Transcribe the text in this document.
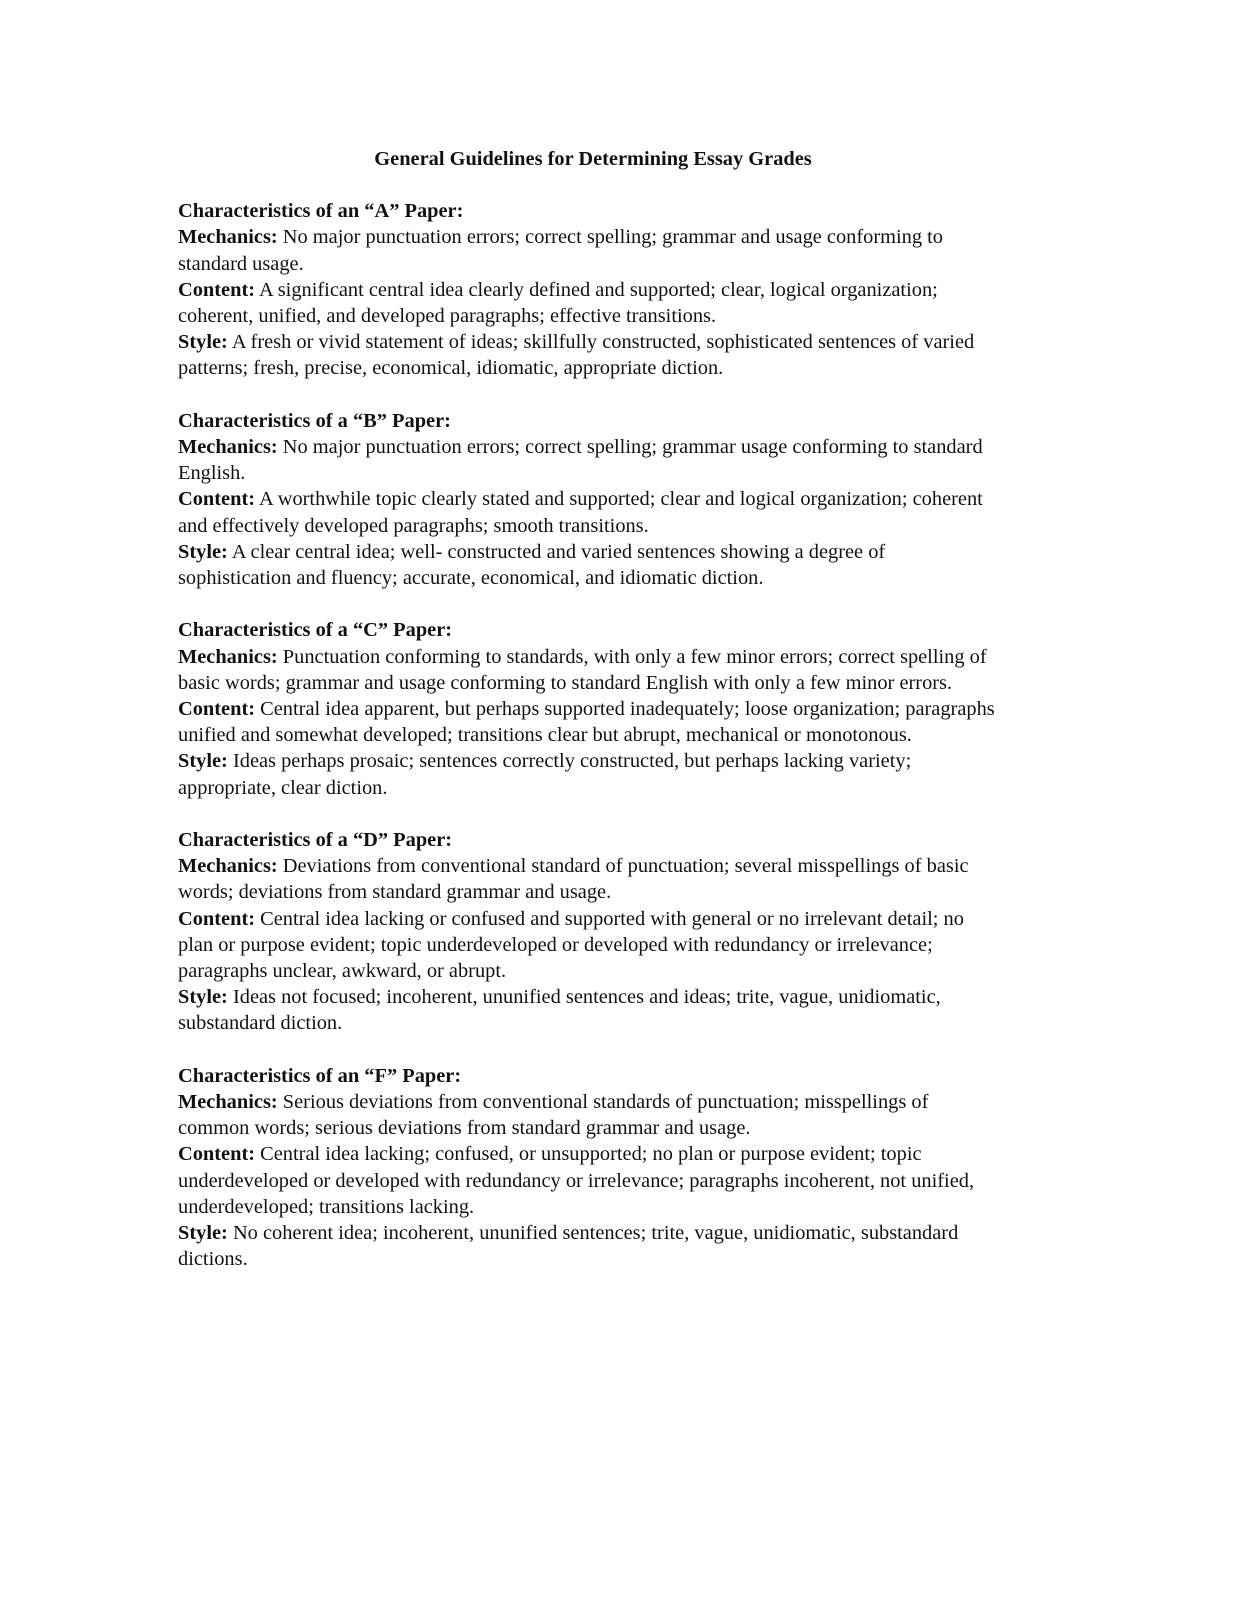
General Guidelines for Determining Essay Grades
Characteristics of an “A” Paper:
Mechanics: No major punctuation errors; correct spelling; grammar and usage conforming to standard usage.
Content: A significant central idea clearly defined and supported; clear, logical organization; coherent, unified, and developed paragraphs; effective transitions.
Style: A fresh or vivid statement of ideas; skillfully constructed, sophisticated sentences of varied patterns; fresh, precise, economical, idiomatic, appropriate diction.
Characteristics of a “B” Paper:
Mechanics: No major punctuation errors; correct spelling; grammar usage conforming to standard English.
Content: A worthwhile topic clearly stated and supported; clear and logical organization; coherent and effectively developed paragraphs; smooth transitions.
Style: A clear central idea; well- constructed and varied sentences showing a degree of sophistication and fluency; accurate, economical, and idiomatic diction.
Characteristics of a “C” Paper:
Mechanics: Punctuation conforming to standards, with only a few minor errors; correct spelling of basic words; grammar and usage conforming to standard English with only a few minor errors.
Content: Central idea apparent, but perhaps supported inadequately; loose organization; paragraphs unified and somewhat developed; transitions clear but abrupt, mechanical or monotonous.
Style: Ideas perhaps prosaic; sentences correctly constructed, but perhaps lacking variety; appropriate, clear diction.
Characteristics of a “D” Paper:
Mechanics: Deviations from conventional standard of punctuation; several misspellings of basic words; deviations from standard grammar and usage.
Content: Central idea lacking or confused and supported with general or no irrelevant detail; no plan or purpose evident; topic underdeveloped or developed with redundancy or irrelevance; paragraphs unclear, awkward, or abrupt.
Style: Ideas not focused; incoherent, ununified sentences and ideas; trite, vague, unidiomatic, substandard diction.
Characteristics of an “F” Paper:
Mechanics: Serious deviations from conventional standards of punctuation; misspellings of common words; serious deviations from standard grammar and usage.
Content: Central idea lacking; confused, or unsupported; no plan or purpose evident; topic underdeveloped or developed with redundancy or irrelevance; paragraphs incoherent, not unified, underdeveloped; transitions lacking.
Style: No coherent idea; incoherent, ununified sentences; trite, vague, unidiomatic, substandard dictions.
